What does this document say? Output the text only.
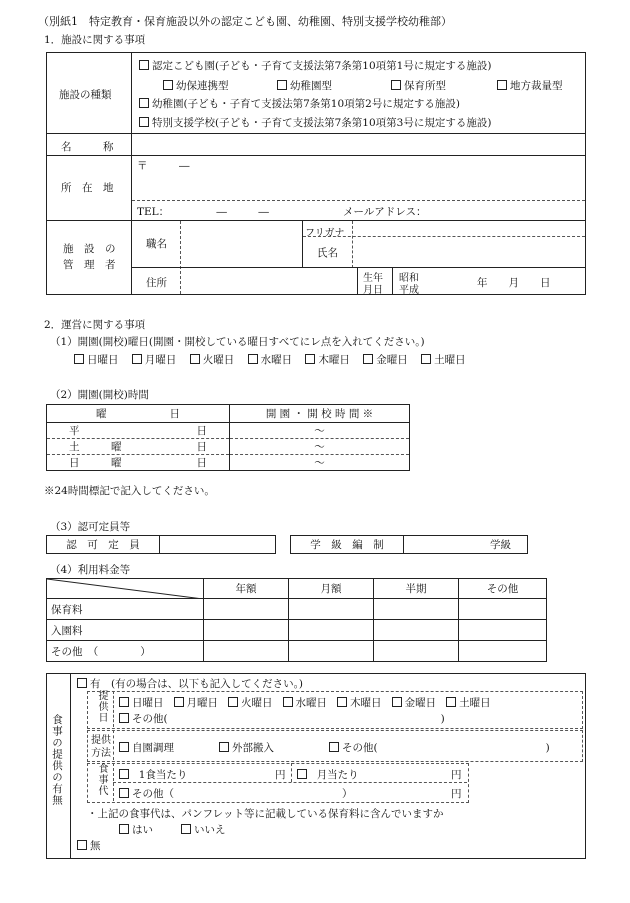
（別紙1　特定教育・保育施設以外の認定こども園、幼稚園、特別支援学校幼稚部）
1．施設に関する事項
施設の種類
認定こども園(子ども・子育て支援法第7条第10項第1号に規定する施設)
幼保連携型	幼稚園型	保育所型	地方裁量型
幼稚園(子ども・子育て支援法第7条第10項第2号に規定する施設)
特別支援学校(子ども・子育て支援法第7条第10項第3号に規定する施設)
名　　　称
所　在　地
〒　　　―
TEL：　　　　　―　　　―	メールアドレス：
施　設　の
管　理　者
職名
フリガナ
氏名
住所	生年
月日
昭和
平成
年　　月　　日
2．運営に関する事項
（1）開園(開校)曜日(開園・開校している曜日すべてにレ点を入れてください。)
日曜日	月曜日	火曜日	水曜日	木曜日	金曜日	土曜日
（2）開園(開校)時間
曜　　　　　　日	開 園 ・ 開 校 時 間 ※
平 日	～
土　　　曜 日	～
日　　　曜 日	～
※24時間標記で記入してください。
（3）認可定員等
認　可　定　員		学　級　編　制	学級
（4）利用料金等
	年額	月額	半期	その他
保育料				
入園料				
その他　（　　　　）				
食事の提供の有無
有　(有の場合は、以下も記入してください。)
提供日	日曜日 月曜日 火曜日 水曜日 木曜日 金曜日 土曜日
その他(　　　　　　　　　　　　　　　　　　　　　　　　　　)
提供
方法	自園調理	外部搬入	その他(　　　　　　　　　　　　　　　　)
食事代	1食当たり	円	月当たり	円
その他（　　　　　　　　　　　　　　　　）	円
・上記の食事代は、パンフレット等に記載している保育料に含んでいますか
はい	いいえ
無
